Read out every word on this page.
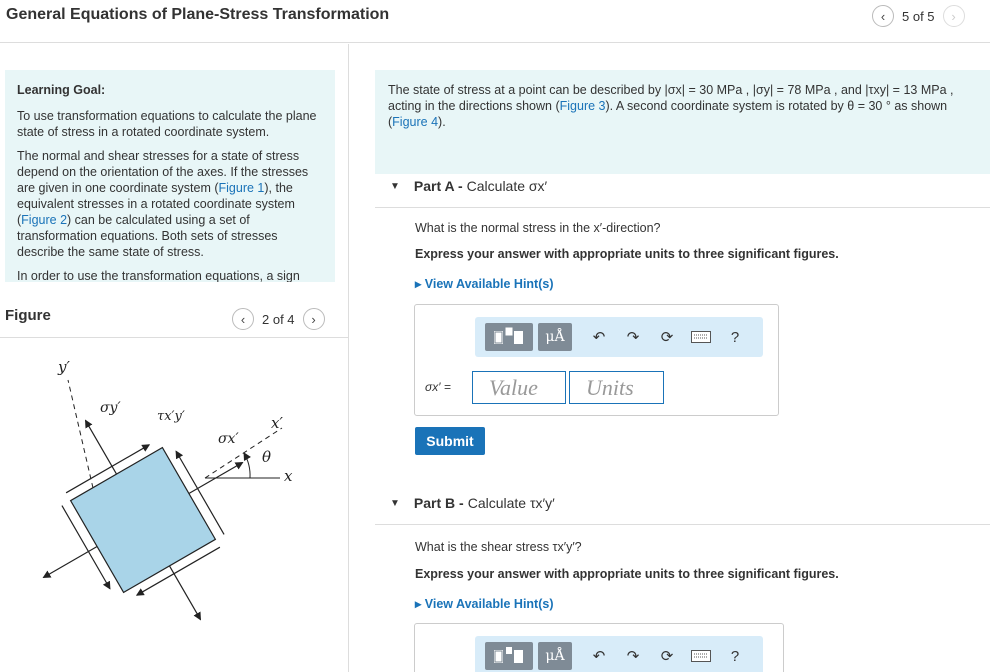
General Equations of Plane-Stress Transformation	‹	5 of 5	›
Learning Goal:

To use transformation equations to calculate the plane state of stress in a rotated coordinate system.

The normal and shear stresses for a state of stress depend on the orientation of the axes. If the stresses are given in one coordinate system (Figure 1), the equivalent stresses in a rotated coordinate system (Figure 2) can be calculated using a set of transformation equations. Both sets of stresses describe the same state of stress.

In order to use the transformation equations, a sign

Figure	‹	2 of 4	›
y′
σy′
τx′y′
σx′
x′
θ
x
The state of stress at a point can be described by |σx| = 30 MPa , |σy| = 78 MPa , and |τxy| = 13 MPa , acting in the directions shown (Figure 3). A second coordinate system is rotated by θ = 30 ° as shown (Figure 4).
▼ Part A - Calculate σx′
What is the normal stress in the x′-direction?
Express your answer with appropriate units to three significant figures.
▸ View Available Hint(s)
μÅ	↶	↷	⟳	?
σx′ =	Value	Units
Submit
▼ Part B - Calculate τx′y′
What is the shear stress τx′y′?
Express your answer with appropriate units to three significant figures.
▸ View Available Hint(s)
μÅ	↶	↷	⟳	?
